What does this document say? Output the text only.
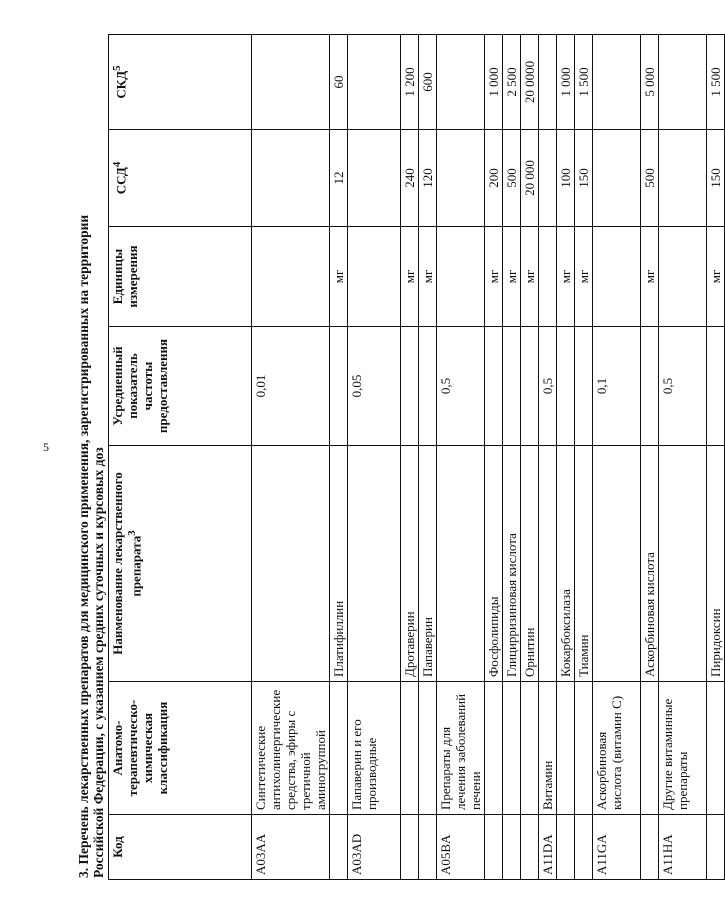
5 3. Перечень лекарственных препаратов для медицинского применения, зарегистрированных на территории Российской Федерации, с указанием средних суточных и курсовых доз Код	Анатомо-терапевтическо-химическая классификация	Наименование лекарственного препарата$^3$	Усредненный показатель частоты предоставления	Единицы измерения	ССД$^4$	СКД$^5$
A03AA	Синтетические антихолинергические средства, эфиры с третичной аминогруппой		0,01			
		Платифиллин		мг	12	60
A03AD	Папаверин и его производные		0,05			
		Дротаверин		мг	240	1 200
		Папаверин		мг	120	600
A05BA	Препараты для лечения заболеваний печени		0,5			
		Фосфолипиды		мг	200	1 000
		Глицирризиновая кислота		мг	500	2 500
		Орнитин		мг	20 000	20 0000
A11DA	Витамин		0,5			
		Кокарбоксилаза		мг	100	1 000
		Тиамин		мг	150	1 500
A11GA	Аскорбиновая кислота (витамин С)		0,1			
		Аскорбиновая кислота		мг	500	5 000
A11HA	Другие витаминные препараты		0,5			
		Пиридоксин		мг	150	1 500
